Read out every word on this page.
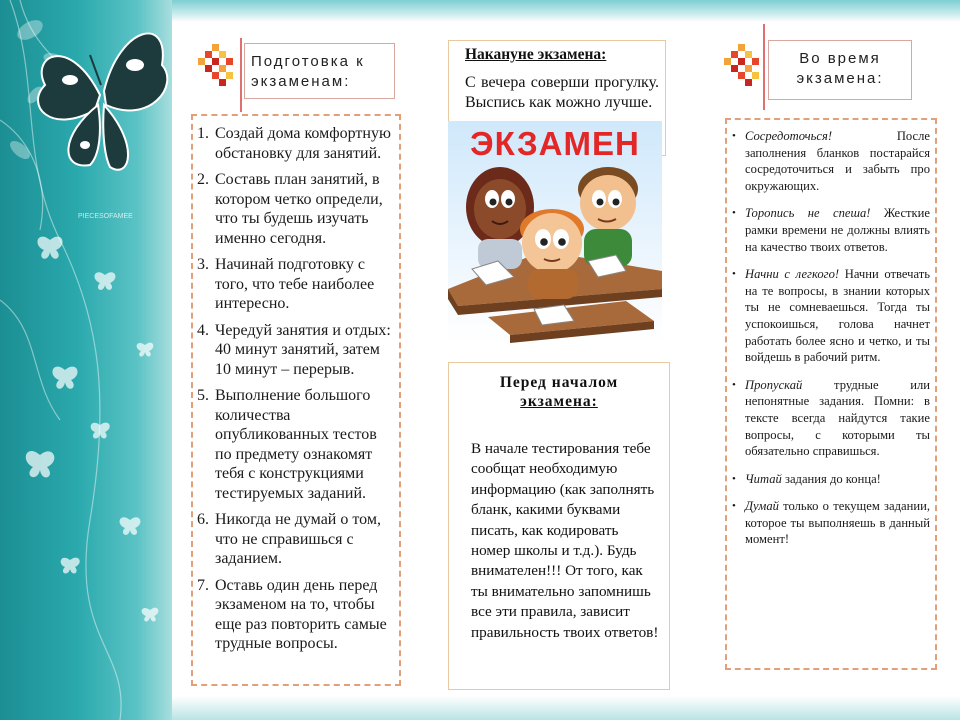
PIECESOFAMEE
Подготовка к
экзаменам:
1. Создай дома комфортную обстановку для занятий.
2. Составь план занятий, в котором четко определи, что ты будешь изучать именно сегодня.
3. Начинай подготовку с того, что тебе наиболее интересно.
4. Чередуй занятия и отдых: 40 минут занятий, затем 10 минут – перерыв.
5. Выполнение большого количества опубликованных тестов по предмету ознакомят тебя с конструкциями тестируемых заданий.
6. Никогда не думай о том, что не справишься с заданием.
7. Оставь один день перед экзаменом на то, чтобы еще раз повторить самые трудные вопросы.
Накануне экзамена:
С вечера соверши прогулку. Выспись как можно лучше.
ЭКЗАМЕН
Перед началом
экзамена:
В начале тестирования тебе сообщат необходимую информацию (как заполнять бланк, какими буквами писать, как кодировать номер школы и т.д.). Будь внимателен!!! От того, как ты внимательно запомнишь все эти правила, зависит правильность твоих ответов!
Во время
экзамена:
• Сосредоточься! После заполнения бланков постарайся сосредоточиться и забыть про окружающих.
• Торопись не спеша! Жесткие рамки времени не должны влиять на качество твоих ответов.
• Начни с легкого! Начни отвечать на те вопросы, в знании которых ты не сомневаешься. Тогда ты успокоишься, голова начнет работать более ясно и четко, и ты войдешь в рабочий ритм.
• Пропускай трудные или непонятные задания. Помни: в тексте всегда найдутся такие вопросы, с которыми ты обязательно справишься.
• Читай задания до конца!
• Думай только о текущем задании, которое ты выполняешь в данный момент!
